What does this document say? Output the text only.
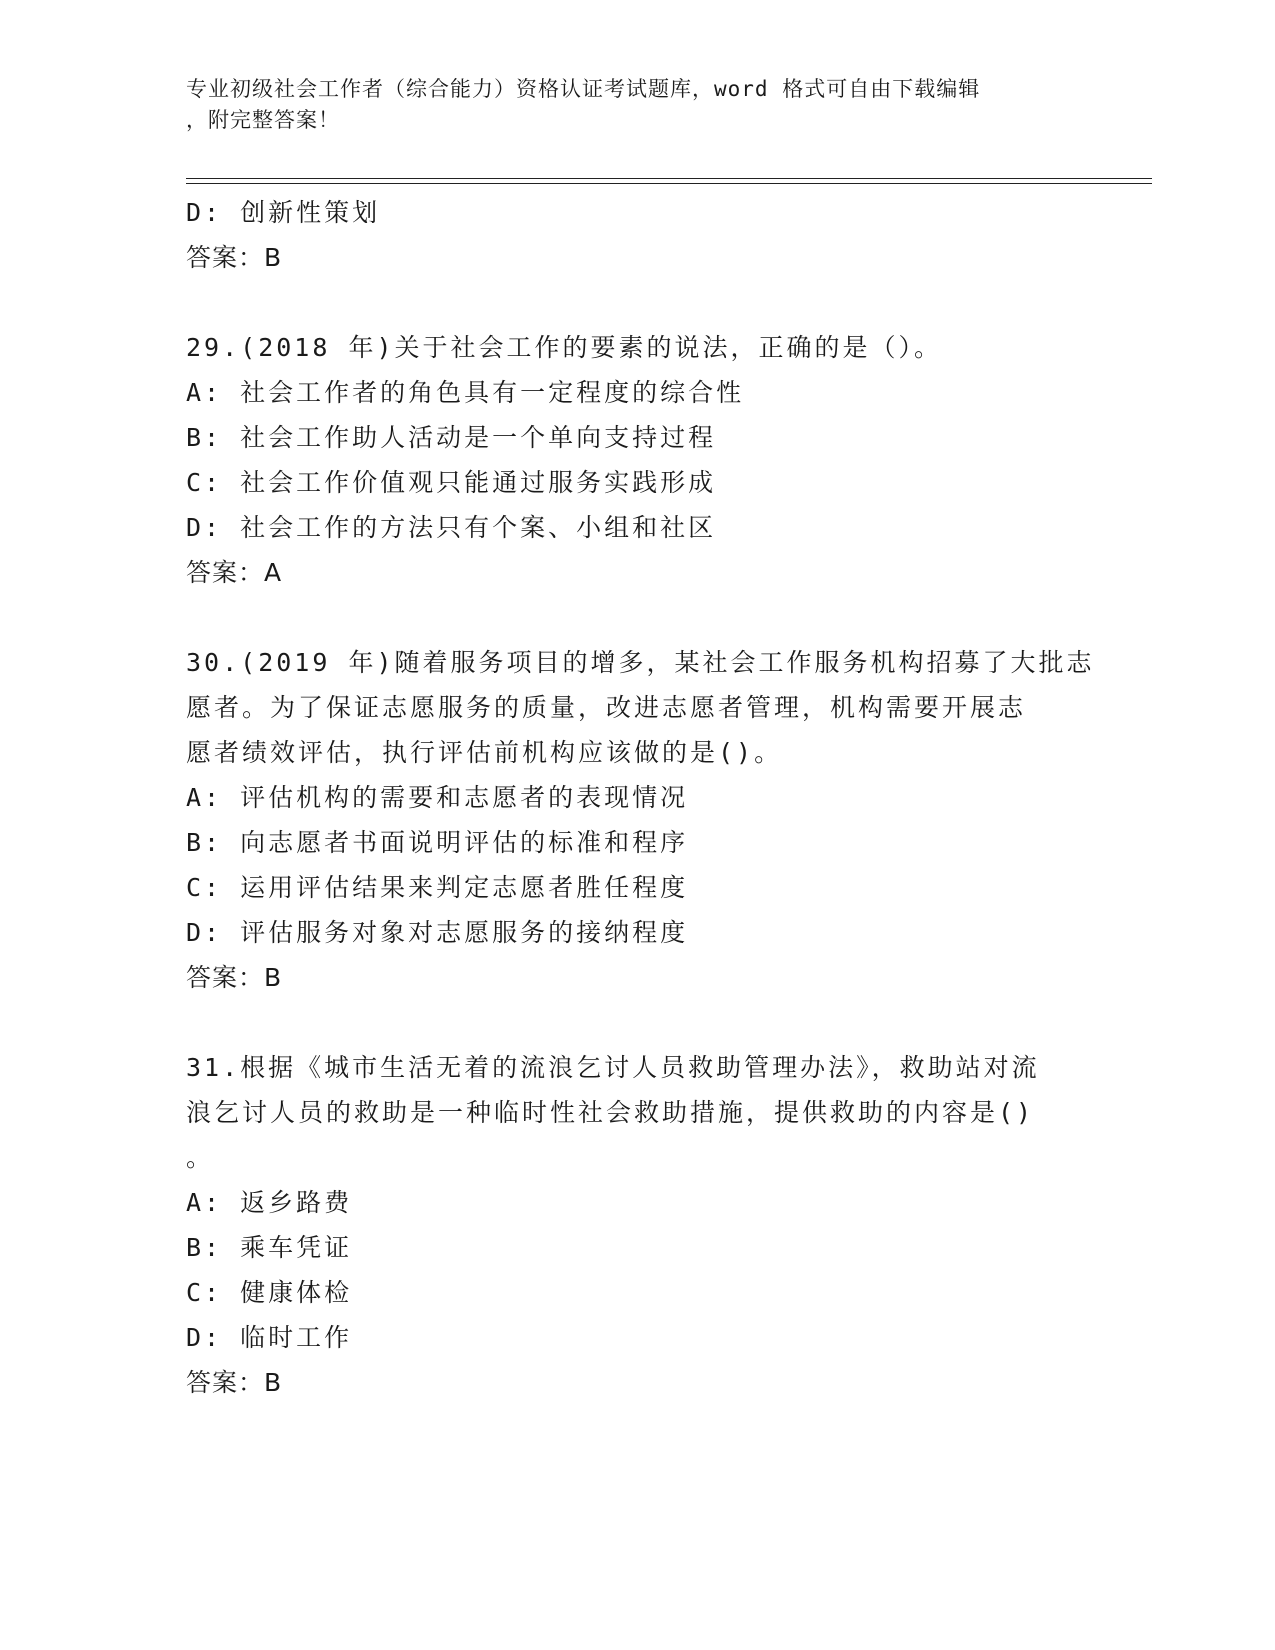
专业初级社会工作者（综合能力）资格认证考试题库，word 格式可自由下载编辑
，附完整答案！
D: 创新性策划
答案：B
29.(2018 年)关于社会工作的要素的说法，正确的是（）。
A: 社会工作者的角色具有一定程度的综合性
B: 社会工作助人活动是一个单向支持过程
C: 社会工作价值观只能通过服务实践形成
D: 社会工作的方法只有个案、小组和社区
答案：A
30.(2019 年)随着服务项目的增多，某社会工作服务机构招募了大批志
愿者。为了保证志愿服务的质量，改进志愿者管理，机构需要开展志
愿者绩效评估，执行评估前机构应该做的是()。
A: 评估机构的需要和志愿者的表现情况
B: 向志愿者书面说明评估的标准和程序
C: 运用评估结果来判定志愿者胜任程度
D: 评估服务对象对志愿服务的接纳程度
答案：B
31.根据《城市生活无着的流浪乞讨人员救助管理办法》，救助站对流
浪乞讨人员的救助是一种临时性社会救助措施，提供救助的内容是()
。
A: 返乡路费
B: 乘车凭证
C: 健康体检
D: 临时工作
答案：B
